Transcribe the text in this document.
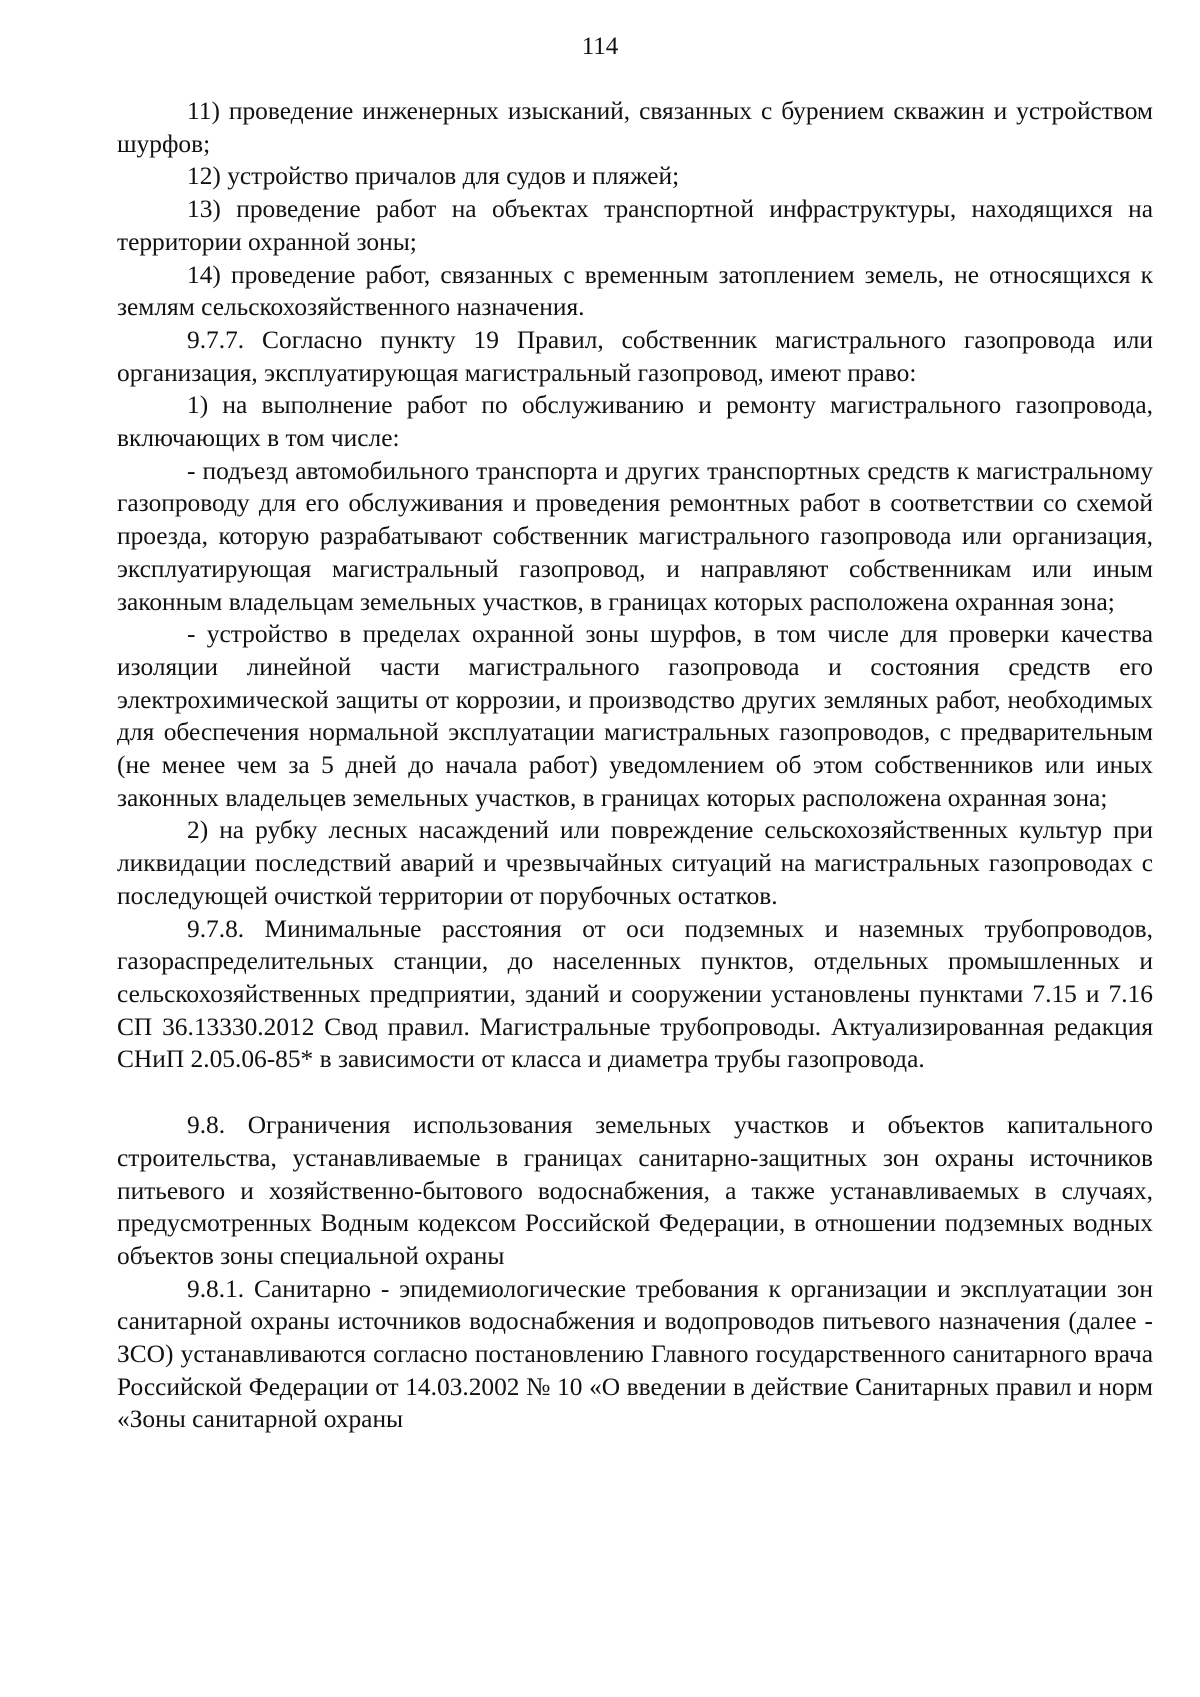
114

11) проведение инженерных изысканий, связанных с бурением скважин и устройством шурфов;

12) устройство причалов для судов и пляжей;

13) проведение работ на объектах транспортной инфраструктуры, находящихся на территории охранной зоны;

14) проведение работ, связанных с временным затоплением земель, не относящихся к землям сельскохозяйственного назначения.

9.7.7. Согласно пункту 19 Правил, собственник магистрального газопровода или организация, эксплуатирующая магистральный газопровод, имеют право:

1) на выполнение работ по обслуживанию и ремонту магистрального газопровода, включающих в том числе:

- подъезд автомобильного транспорта и других транспортных средств к магистральному газопроводу для его обслуживания и проведения ремонтных работ в соответствии со схемой проезда, которую разрабатывают собственник магистрального газопровода или организация, эксплуатирующая магистральный газопровод, и направляют собственникам или иным законным владельцам земельных участков, в границах которых расположена охранная зона;

- устройство в пределах охранной зоны шурфов, в том числе для проверки качества изоляции линейной части магистрального газопровода и состояния средств его электрохимической защиты от коррозии, и производство других земляных работ, необходимых для обеспечения нормальной эксплуатации магистральных газопроводов, с предварительным (не менее чем за 5 дней до начала работ) уведомлением об этом собственников или иных законных владельцев земельных участков, в границах которых расположена охранная зона;

2) на рубку лесных насаждений или повреждение сельскохозяйственных культур при ликвидации последствий аварий и чрезвычайных ситуаций на магистральных газопроводах с последующей очисткой территории от порубочных остатков.

9.7.8. Минимальные расстояния от оси подземных и наземных трубопроводов, газораспределительных станции, до населенных пунктов, отдельных промышленных и сельскохозяйственных предприятии, зданий и сооружении установлены пунктами 7.15 и 7.16 СП 36.13330.2012 Свод правил. Магистральные трубопроводы. Актуализированная редакция СНиП 2.05.06-85* в зависимости от класса и диаметра трубы газопровода.

9.8. Ограничения использования земельных участков и объектов капитального строительства, устанавливаемые в границах санитарно-защитных зон охраны источников питьевого и хозяйственно-бытового водоснабжения, а также устанавливаемых в случаях, предусмотренных Водным кодексом Российской Федерации, в отношении подземных водных объектов зоны специальной охраны

9.8.1. Санитарно - эпидемиологические требования к организации и эксплуатации зон санитарной охраны источников водоснабжения и водопроводов питьевого назначения (далее - ЗСО) устанавливаются согласно постановлению Главного государственного санитарного врача Российской Федерации от 14.03.2002 № 10 «О введении в действие Санитарных правил и норм «Зоны санитарной охраны
